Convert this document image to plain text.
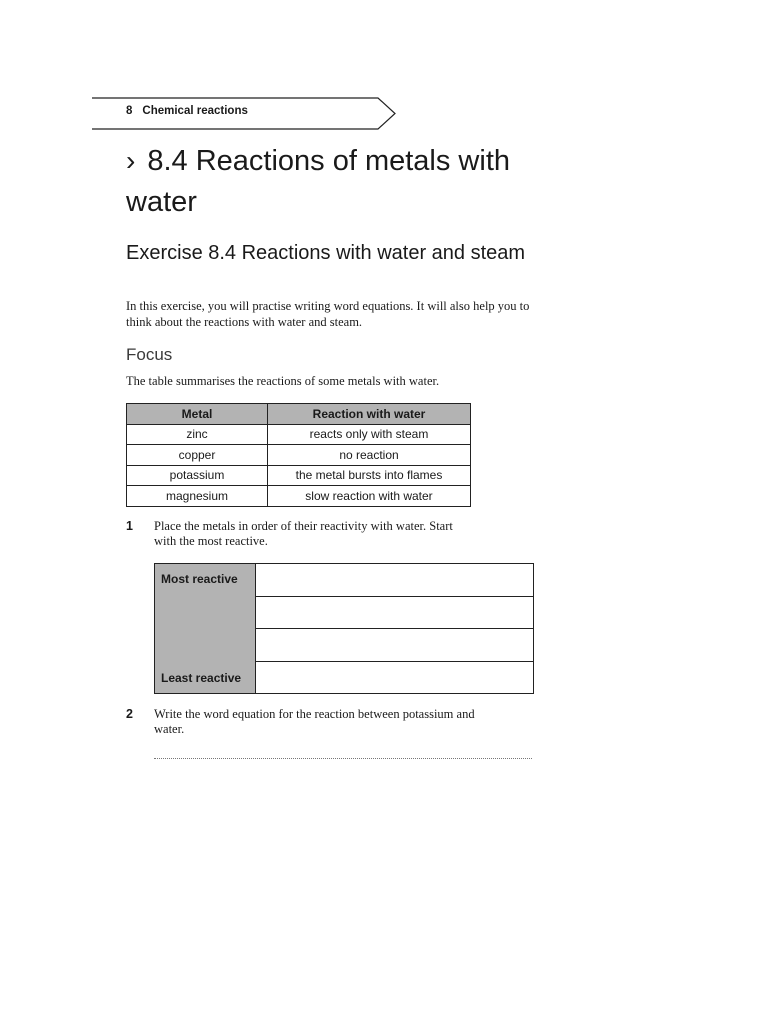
8 Chemical reactions
› 8.4 Reactions of metals with water
Exercise 8.4 Reactions with water and steam

In this exercise, you will practise writing word equations. It will also help you to think about the reactions with water and steam.

Focus

The table summarises the reactions of some metals with water.

Metal	Reaction with water
zinc	reacts only with steam
copper	no reaction
potassium	the metal bursts into flames
magnesium	slow reaction with water
1 Place the metals in order of their reactivity with water. Start with the most reactive.
Most reactive
Least reactive
2 Write the word equation for the reaction between potassium and water.
